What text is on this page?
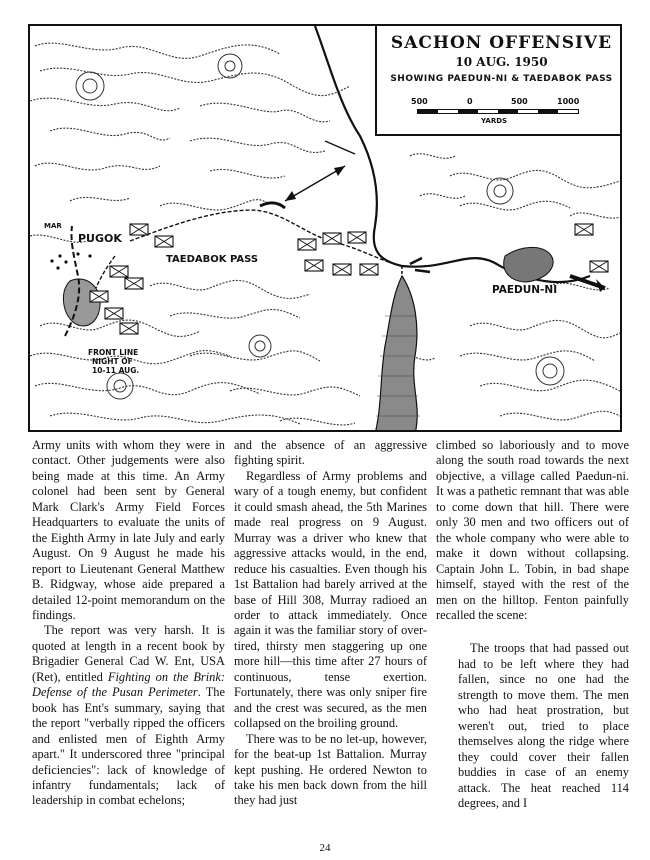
SACHON OFFENSIVE
10 AUG. 1950
SHOWING PAEDUN-NI & TAEDABOK PASS
500	0	500	1000
YARDS
MAR
PUGOK
TAEDABOK PASS
PAEDUN-NI
FRONT LINE
NIGHT OF
10-11 AUG.

Army units with whom they were in contact. Other judgements were also being made at this time. An Army colonel had been sent by General Mark Clark's Army Field Forces Headquarters to evaluate the units of the Eighth Army in late July and early August. On 9 August he made his report to Lieutenant General Matthew B. Ridgway, whose aide prepared a detailed 12-point memorandum on the findings.

The report was very harsh. It is quoted at length in a recent book by Brigadier General Cad W. Ent, USA (Ret), entitled Fighting on the Brink: Defense of the Pusan Perimeter. The book has Ent's summary, saying that the report "verbally ripped the officers and enlisted men of Eighth Army apart." It underscored three "principal deficiencies": lack of knowledge of infantry fundamentals; lack of leadership in combat echelons;

and the absence of an aggressive fighting spirit.

Regardless of Army problems and wary of a tough enemy, but confident it could smash ahead, the 5th Marines made real progress on 9 August. Murray was a driver who knew that aggressive attacks would, in the end, reduce his casualties. Even though his 1st Battalion had barely arrived at the base of Hill 308, Murray radioed an order to attack immediately. Once again it was the familiar story of over-tired, thirsty men staggering up one more hill—this time after 27 hours of continuous, tense exertion. Fortunately, there was only sniper fire and the crest was secured, as the men collapsed on the broiling ground.

There was to be no let-up, however, for the beat-up 1st Battalion. Murray kept pushing. He ordered Newton to take his men back down from the hill they had just

climbed so laboriously and to move along the south road towards the next objective, a village called Paedun-ni. It was a pathetic remnant that was able to come down that hill. There were only 30 men and two officers out of the whole company who were able to make it down without collapsing. Captain John L. Tobin, in bad shape himself, stayed with the rest of the men on the hilltop. Fenton painfully recalled the scene:

The troops that had passed out had to be left where they had fallen, since no one had the strength to move them. The men who had heat prostration, but weren't out, tried to place themselves along the ridge where they could cover their fallen buddies in case of an enemy attack. The heat reached 114 degrees, and I

24
